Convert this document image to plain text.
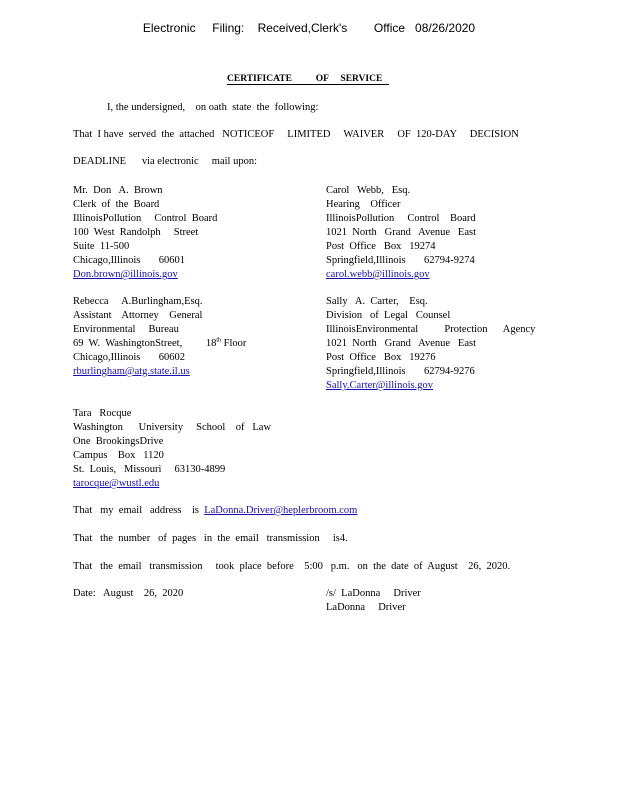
Electronic     Filing:    Received,Clerk's        Office   08/26/2020
CERTIFICATE          OF     SERVICE
I, the undersigned,    on oath  state  the  following:
That  I have  served  the  attached   NOTICEOF     LIMITED     WAIVER     OF  120-DAY     DECISION
DEADLINE      via electronic     mail upon:
Mr.  Don   A.  Brown
Clerk  of  the  Board
IllinoisPollution     Control  Board
100  West  Randolph     Street
Suite  11-500
Chicago,Illinois       60601
Don.brown@illinois.gov
Carol   Webb,   Esq.
Hearing    Officer
IllinoisPollution     Control    Board
1021  North   Grand   Avenue   East
Post  Office   Box   19274
Springfield,Illinois       62794-9274
carol.webb@illinois.gov
Rebecca     A.Burlingham,Esq.
Assistant    Attorney    General
Environmental     Bureau
69  W.  WashingtonStreet,         18th Floor
Chicago,Illinois       60602
rburlingham@atg.state.il.us
Sally   A.  Carter,    Esq.
Division   of  Legal   Counsel
IllinoisEnvironmental          Protection      Agency
1021  North   Grand   Avenue   East
Post  Office   Box   19276
Springfield,Illinois       62794-9276
Sally.Carter@illinois.gov
Tara   Rocque
Washington      University     School    of   Law
One  BrookingsDrive
Campus    Box   1120
St.  Louis,   Missouri     63130-4899
tarocque@wustl.edu
That   my  email   address    is  LaDonna.Driver@heplerbroom.com
That   the  number   of  pages   in  the  email   transmission     is4.
That   the  email   transmission     took  place  before    5:00   p.m.   on  the  date  of  August    26,  2020.
Date:   August    26,  2020	/s/  LaDonna     Driver
LaDonna     Driver
